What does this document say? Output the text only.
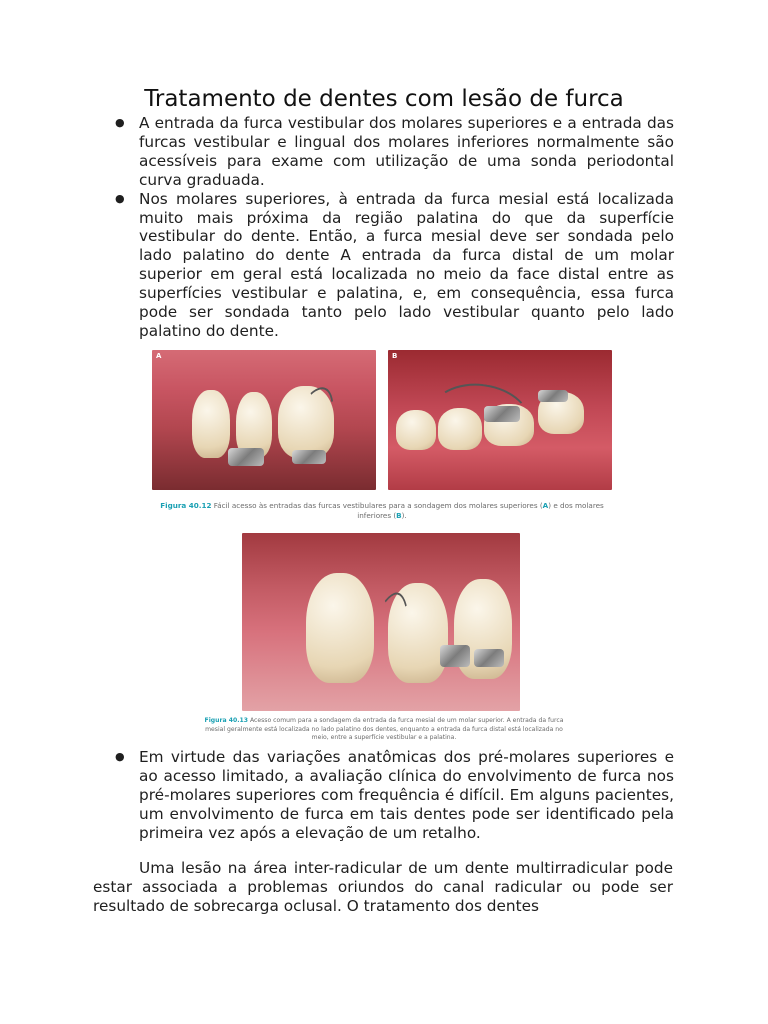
Tratamento de dentes com lesão de furca
● A entrada da furca vestibular dos molares superiores e a entrada das furcas vestibular e lingual dos molares inferiores normalmente são acessíveis para exame com utilização de uma sonda periodontal curva graduada.

● Nos molares superiores, à entrada da furca mesial está localizada muito mais próxima da região palatina do que da superfície vestibular do dente. Então, a furca mesial deve ser sondada pelo lado palatino do dente A entrada da furca distal de um molar superior em geral está localizada no meio da face distal entre as superfícies vestibular e palatina, e, em consequência, essa furca pode ser sondada tanto pelo lado vestibular quanto pelo lado palatino do dente.

A	B
Figura 40.12 Fácil acesso às entradas das furcas vestibulares para a sondagem dos molares superiores (A) e dos molares inferiores (B).
Figura 40.13 Acesso comum para a sondagem da entrada da furca mesial de um molar superior. A entrada da furca mesial geralmente está localizada no lado palatino dos dentes, enquanto a entrada da furca distal está localizada no meio, entre a superfície vestibular e a palatina.
● Em virtude das variações anatômicas dos pré-molares superiores e ao acesso limitado, a avaliação clínica do envolvimento de furca nos pré-molares superiores com frequência é difícil. Em alguns pacientes, um envolvimento de furca em tais dentes pode ser identificado pela primeira vez após a elevação de um retalho.

Uma lesão na área inter-radicular de um dente multirradicular pode estar associada a problemas oriundos do canal radicular ou pode ser resultado de sobrecarga oclusal. O tratamento dos dentes
